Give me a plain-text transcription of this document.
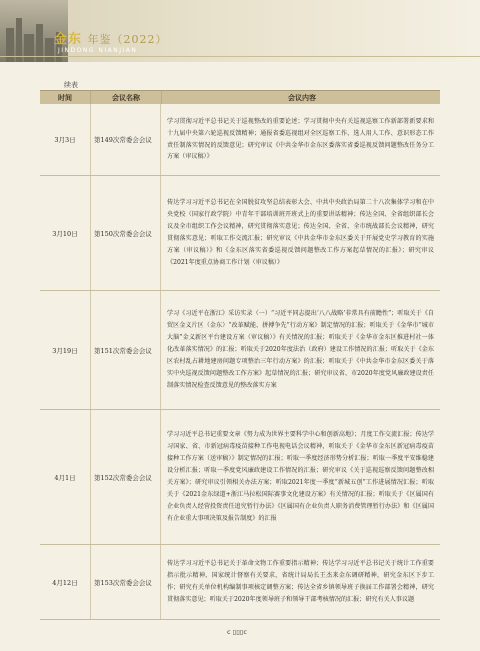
金东 年鉴（2022）
JINDONG NIANJIAN
续表
时间	会议名称	会议内容
3月3日	第149次常委会会议
学习贯彻习近平总书记关于巡视整改的重要论述；学习贯彻中央有关巡视巡察工作新部署新要求和十九届中央第六轮巡视反馈精神；通报省委巡视组对全区巡察工作、选人用人工作、意识形态工作责任制落实情况的反馈意见；研究审议《中共金华市金东区委落实省委巡视反馈问题整改任务分工方案（审议稿）》
3月10日	第150次常委会会议
传达学习习近平总书记在全国脱贫攻坚总结表彰大会、中共中央政治局第二十八次集体学习和在中央党校（国家行政学院）中青年干部培训班开班式上的重要讲话精神；传达全国、全省组织部长会议及全市组织工作会议精神，研究贯彻落实意见；传达全国、全省、全市统战部长会议精神，研究贯彻落实意见；听取工作交流汇报；研究审议《中共金华市金东区委关于开展党史学习教育的实施方案（审议稿）》和《金东区落实省委巡视反馈问题整改工作方案起草情况的汇报》；研究审议《2021年度重点协商工作计划（审议稿）》
3月19日	第151次常委会会议
学习《习近平在浙江》采访实录（一）“习近平同志提出‘八八战略’非常具有前瞻性”；听取关于《自贸区金义片区（金东）“改革赋能、拼搏争先”行动方案》制定情况的汇报；听取关于《金华市“城市大脑”金义新区平台建设方案（审议稿）》有关情况的汇报；听取关于《金华市金东区推进村社一体化改革落实情况》的汇报；听取关于2020年度法治（政府）建设工作情况的汇报；听取关于《金东区农村乱占耕地建房问题专项整治三年行动方案》的汇报；听取关于《中共金华市金东区委关于落实中央巡视反馈问题整改工作方案》起草情况的汇报；研究审议省、市2020年度党风廉政建设责任制落实情况检查反馈意见的整改落实方案
4月1日	第152次常委会会议
学习习近平总书记重要文章《努力成为世界主要科学中心和创新高地》；月度工作交流汇报；传达学习国家、省、市新冠病毒疫苗接种工作电视电话会议精神，听取关于《金华市金东区新冠病毒疫苗接种工作方案（送审稿）》制定情况的汇报；听取一季度经济形势分析汇报；听取一季度平安维稳建设分析汇报；听取一季度党风廉政建设工作情况的汇报；研究审议《关于巡视巡察反馈问题整改相关方案》；研究审议引领相关办法方案；听取2021年度一季度“新城五创”工作进展情况汇报；听取关于《2021金东绿道+浙江马拉松国际赛事文化建设方案》有关情况的汇报；听取关于《区属国有企业负责人经营投资责任追究暂行办法》《区属国有企业负责人职务消费管理暂行办法》和《区属国有企业重大事项决策及报告制度》的汇报
4月12日	第153次常委会会议
传达学习习近平总书记关于革命文物工作重要指示精神；传达学习习近平总书记关于统计工作重要指示批示精神、国家统计督察有关要求，省统计局局长王杰来金东调研精神，研究金东区下步工作；研究有关单位机构编制事项核定调整方案；传达全省乡镇领导班子换届工作部署会精神，研究贯彻落实意见；听取关于2020年度领导班子和领导干部考核情况的汇报；研究有关人事议题
c ▯▯▯c
